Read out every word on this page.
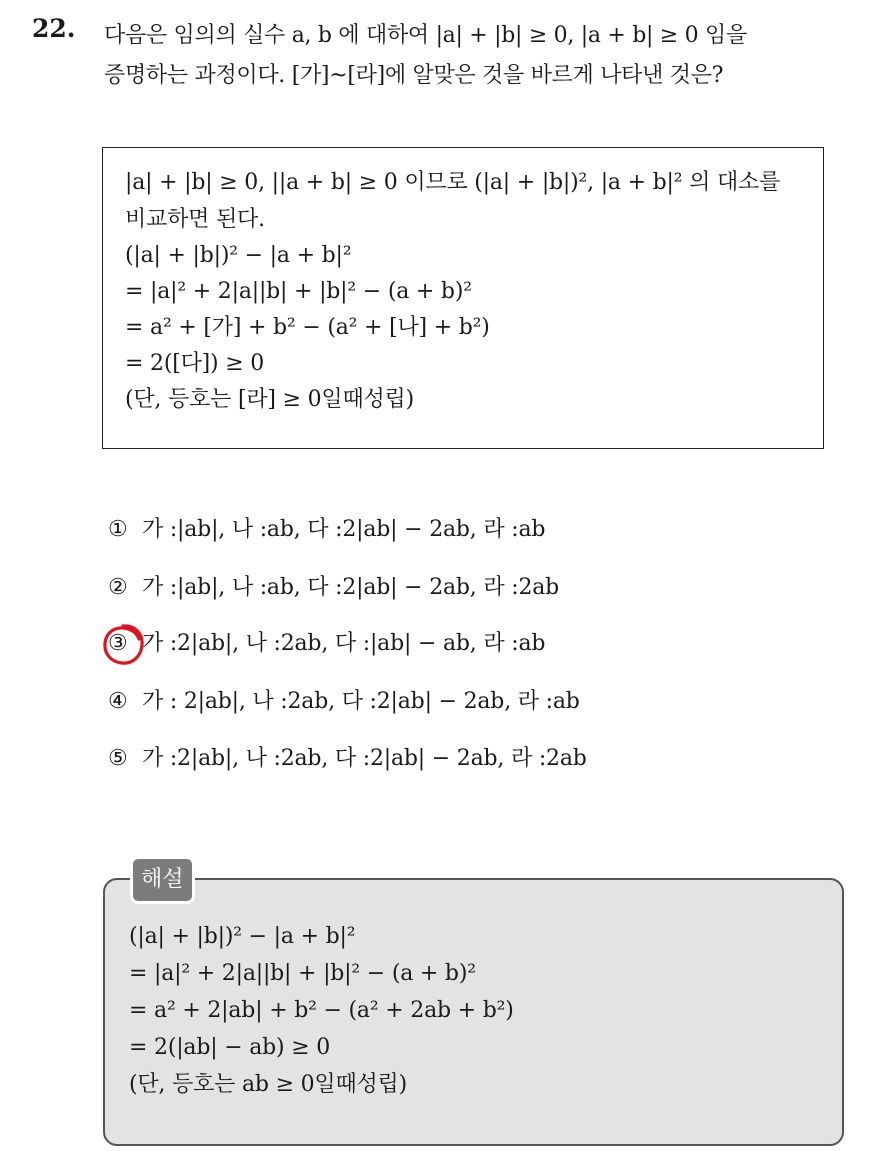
22. 다음은 임의의 실수 a, b 에 대하여 |a| + |b| ≥ 0, |a + b| ≥ 0 임을
증명하는 과정이다. [가]~[라]에 알맞은 것을 바르게 나타낸 것은?
|a| + |b| ≥ 0, ||a + b| ≥ 0 이므로 (|a| + |b|)², |a + b|² 의 대소를
비교하면 된다.
(|a| + |b|)² − |a + b|²
= |a|² + 2|a||b| + |b|² − (a + b)²
= a² + [가] + b² − (a² + [나] + b²)
= 2([다]) ≥ 0
(단, 등호는 [라] ≥ 0일때성립)
① 가 :|ab|, 나 :ab, 다 :2|ab| − 2ab, 라 :ab
② 가 :|ab|, 나 :ab, 다 :2|ab| − 2ab, 라 :2ab
③ 가 :2|ab|, 나 :2ab, 다 :|ab| − ab, 라 :ab
④ 가 : 2|ab|, 나 :2ab, 다 :2|ab| − 2ab, 라 :ab
⑤ 가 :2|ab|, 나 :2ab, 다 :2|ab| − 2ab, 라 :2ab
(|a| + |b|)² − |a + b|²
= |a|² + 2|a||b| + |b|² − (a + b)²
= a² + 2|ab| + b² − (a² + 2ab + b²)
= 2(|ab| − ab) ≥ 0
(단, 등호는 ab ≥ 0일때성립)
해설
